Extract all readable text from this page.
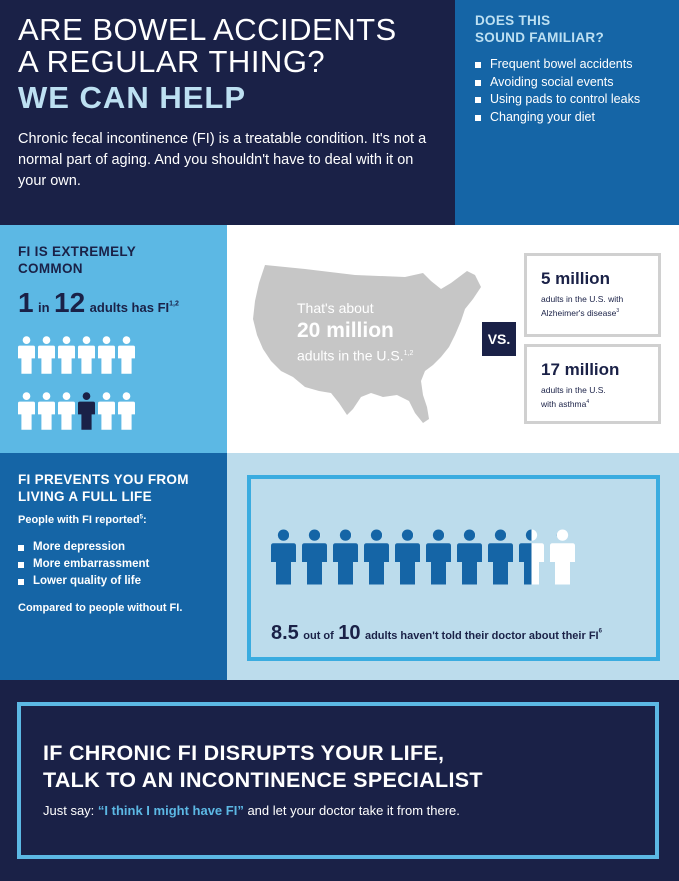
ARE BOWEL ACCIDENTS
A REGULAR THING?
WE CAN HELP
Chronic fecal incontinence (FI) is a treatable condition. It's not a normal part of aging. And you shouldn't have to deal with it on your own.
DOES THIS
SOUND FAMILIAR?
Frequent bowel accidents
Avoiding social events
Using pads to control leaks
Changing your diet
FI IS EXTREMELY
COMMON
1 in 12 adults has FI$^{1,2}$	That's about
20 million
adults in the U.S.$^{1,2}$
VS.
5 million
adults in the U.S. with
Alzheimer's disease$^3$
17 million
adults in the U.S.
with asthma$^4$
FI PREVENTS YOU FROM
LIVING A FULL LIFE
People with FI reported$^5$:
More depression
More embarrassment
Lower quality of life
Compared to people without FI.
8.5 out of 10 adults haven't told their doctor about their $FI^6$
IF CHRONIC FI DISRUPTS YOUR LIFE,
TALK TO AN INCONTINENCE SPECIALIST
Just say: “I think I might have FI” and let your doctor take it from there.
